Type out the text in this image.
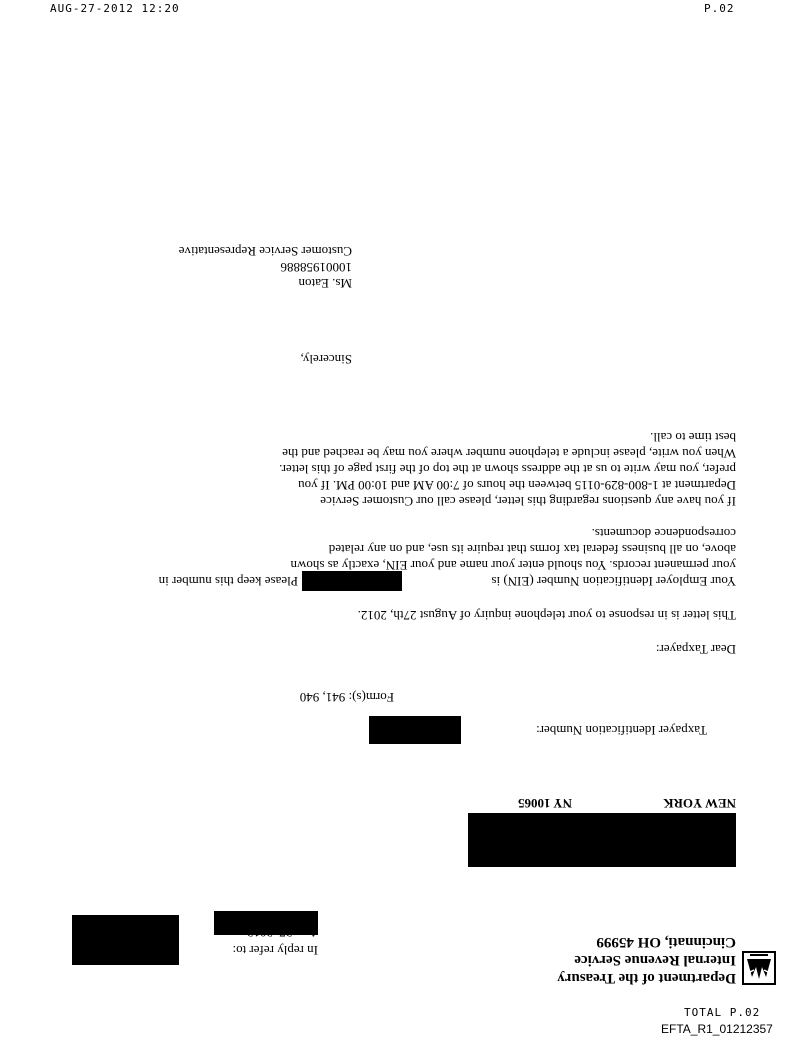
AUG-27-2012 12:20	P.02
Department of the Treasury
Internal Revenue Service
Cincinnati, OH 45999
In reply refer to:
NEW YORK
NY 10065
Taxpayer Identification Number:
Form(s): 941, 940
Dear Taxpayer:
This letter is in response to your telephone inquiry of August 27th, 2012.
Your Employer Identification Number (EIN) is
Please keep this number in
your permanent records. You should enter your name and your EIN, exactly as shown
above, on all business federal tax forms that require its use, and on any related
correspondence documents.
If you have any questions regarding this letter, please call our Customer Service
Department at 1-800-829-0115 between the hours of 7:00 AM and 10:00 PM. If you
prefer, you may write to us at the address shown at the top of the first page of this letter.
When you write, please include a telephone number where you may be reached and the
best time to call.
Sincerely,
Ms. Eaton
10001958886
Customer Service Representative
TOTAL P.02
EFTA_R1_01212357
